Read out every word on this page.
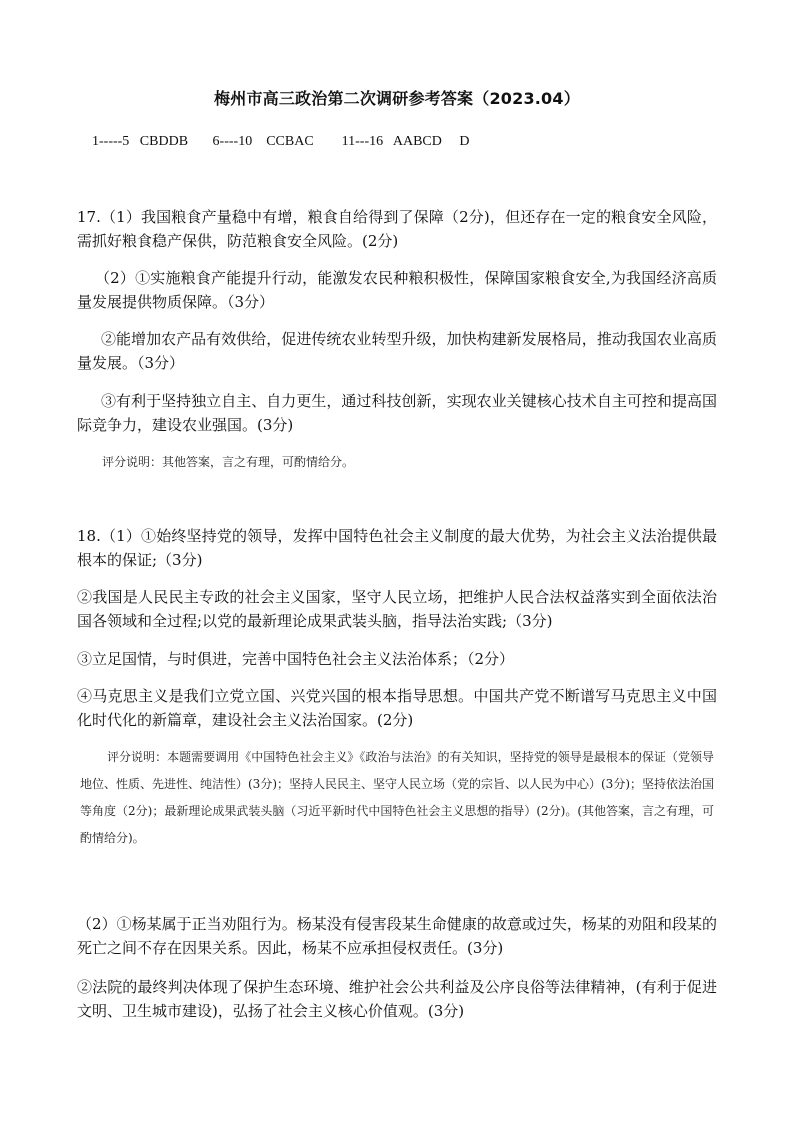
梅州市高三政治第二次调研参考答案（2023.04）
1-----5   CBDDB       6----10    CCBAC        11---16   AABCD     D
17.（1）我国粮食产量稳中有增，粮食自给得到了保障（2分)，但还存在一定的粮食安全风险，需抓好粮食稳产保供，防范粮食安全风险。(2分)
（2）①实施粮食产能提升行动，能激发农民种粮积极性，保障国家粮食安全,为我国经济高质量发展提供物质保障。（3分）
②能增加农产品有效供给，促进传统农业转型升级，加快构建新发展格局，推动我国农业高质量发展。（3分）
③有利于坚持独立自主、自力更生，通过科技创新，实现农业关键核心技术自主可控和提高国际竞争力，建设农业强国。(3分)
评分说明：其他答案，言之有理，可酌情给分。
18.（1）①始终坚持党的领导，发挥中国特色社会主义制度的最大优势，为社会主义法治提供最根本的保证;（3分)
②我国是人民民主专政的社会主义国家，坚守人民立场，把维护人民合法权益落实到全面依法治国各领域和全过程;以党的最新理论成果武装头脑，指导法治实践;（3分)
③立足国情，与时俱进，完善中国特色社会主义法治体系；（2分）
④马克思主义是我们立党立国、兴党兴国的根本指导思想。中国共产党不断谱写马克思主义中国化时代化的新篇章，建设社会主义法治国家。(2分)
评分说明：本题需要调用《中国特色社会主义》《政治与法治》的有关知识，坚持党的领导是最根本的保证（党领导地位、性质、先进性、纯洁性）(3分)；坚持人民民主、坚守人民立场（党的宗旨、以人民为中心）(3分)；坚持依法治国等角度（2分)；最新理论成果武装头脑（习近平新时代中国特色社会主义思想的指导）(2分)。(其他答案，言之有理，可酌情给分)。
（2）①杨某属于正当劝阻行为。杨某没有侵害段某生命健康的故意或过失，杨某的劝阻和段某的死亡之间不存在因果关系。因此，杨某不应承担侵权责任。(3分)
②法院的最终判决体现了保护生态环境、维护社会公共利益及公序良俗等法律精神，(有利于促进文明、卫生城市建设)，弘扬了社会主义核心价值观。(3分)
